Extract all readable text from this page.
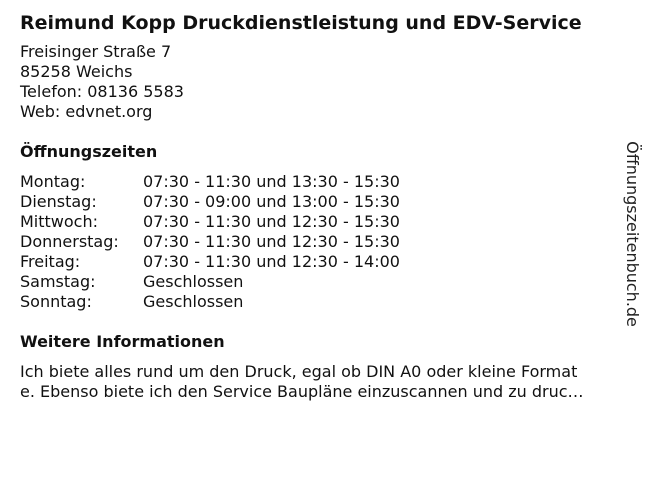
Reimund Kopp Druckdienstleistung und EDV-Service
Freisinger Straße 7
85258 Weichs
Telefon: 08136 5583
Web: edvnet.org
Öffnungszeiten
Montag:	07:30 - 11:30 und 13:30 - 15:30
Dienstag:	07:30 - 09:00 und 13:00 - 15:30
Mittwoch:	07:30 - 11:30 und 12:30 - 15:30
Donnerstag:	07:30 - 11:30 und 12:30 - 15:30
Freitag:	07:30 - 11:30 und 12:30 - 14:00
Samstag:	Geschlossen
Sonntag:	Geschlossen
Weitere Informationen
Ich biete alles rund um den Druck, egal ob DIN A0 oder kleine Format
e. Ebenso biete ich den Service Baupläne einzuscannen und zu druc…
Öffnungszeitenbuch.de
